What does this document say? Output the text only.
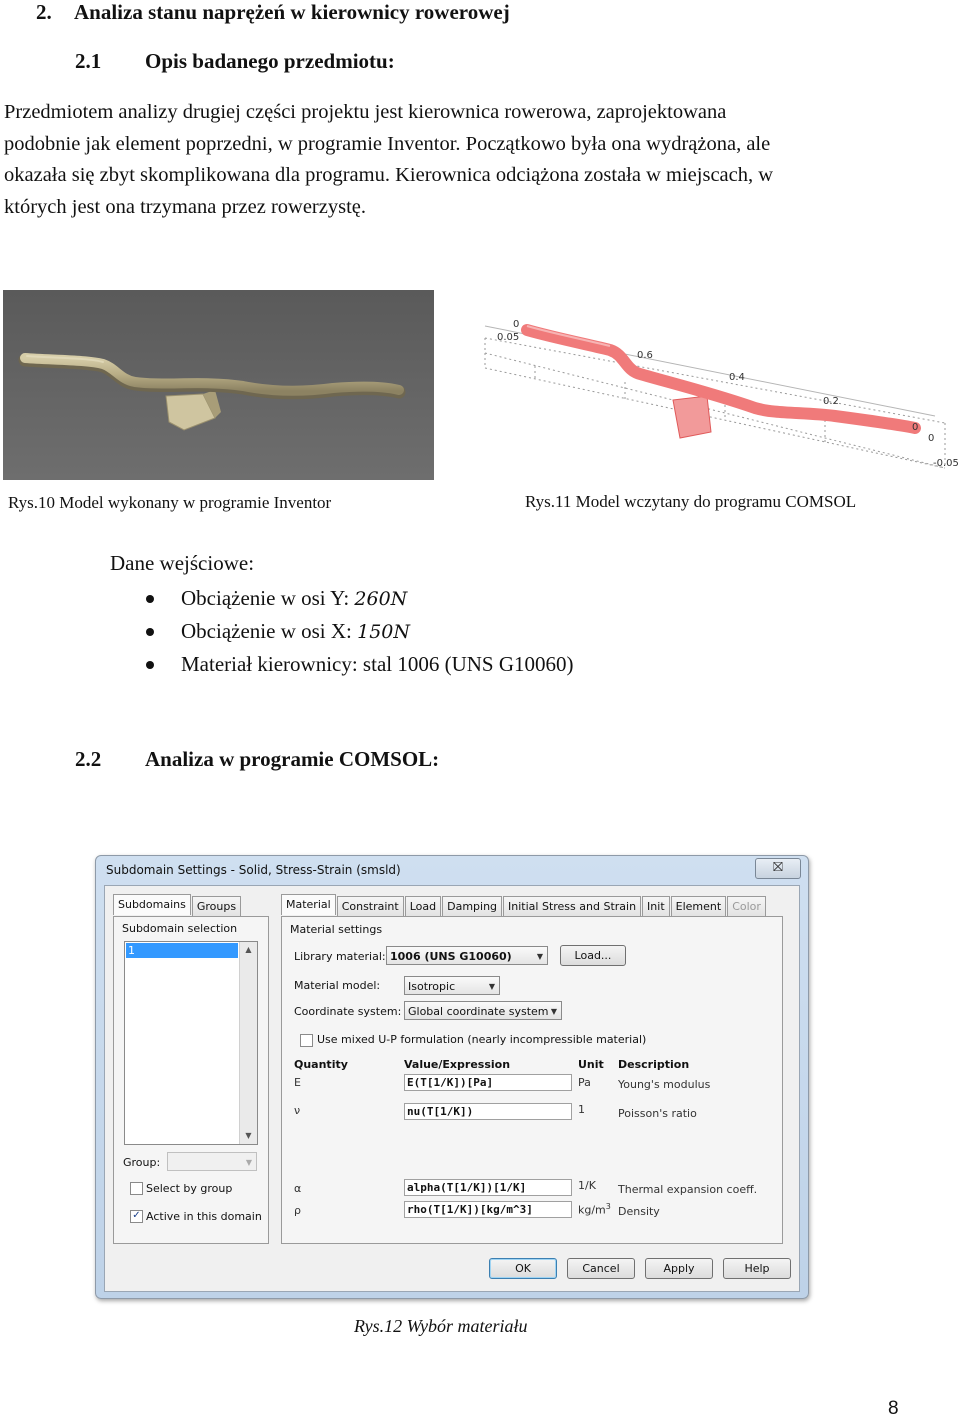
2. Analiza stanu naprężeń w kierownicy rowerowej
2.1 Opis badanego przedmiotu:

Przedmiotem analizy drugiej części projektu jest kierownica rowerowa, zaprojektowana

podobnie jak element poprzedni, w programie Inventor. Początkowo była ona wydrążona, ale

okazała się zbyt skomplikowana dla programu. Kierownica odciążona została w miejscach, w

których jest ona trzymana przez rowerzystę.

0
0.05
0.6
0.4
0.2
0
0
-0.05
Rys.10 Model wykonany w programie Inventor	Rys.11 Model wczytany do programu COMSOL
Dane wejściowe:
Obciążenie w osi Y: 260N
Obciążenie w osi X: 150N
Materiał kierownicy: stal 1006 (UNS G10060)
2.2 Analiza w programie COMSOL:
Subdomain Settings - Solid, Stress-Strain (smsld)	⛝
Subdomains	Groups
Subdomain selection
1	▲
▼
Group:	▼
Select by group
✓ Active in this domain
Material	Constraint	Load	Damping	Initial Stress and Strain	Init	Element	Color
Material settings
Library material: 1006 (UNS G10060)	▼	Load...
Material model:	Isotropic	▼
Coordinate system: Global coordinate system ▼
Use mixed U-P formulation (nearly incompressible material)
Quantity	Value/Expression	Unit Description
E	E(T[1/K])[Pa]	Pa Young's modulus
ν	nu(T[1/K])	1	Poisson's ratio
α	alpha(T[1/K])[1/K]	1/K Thermal expansion coeff.
ρ	rho(T[1/K])[kg/m^3]	$kg/m^3$ Density
OK	Cancel	Apply	Help
Rys.12 Wybór materiału
8
